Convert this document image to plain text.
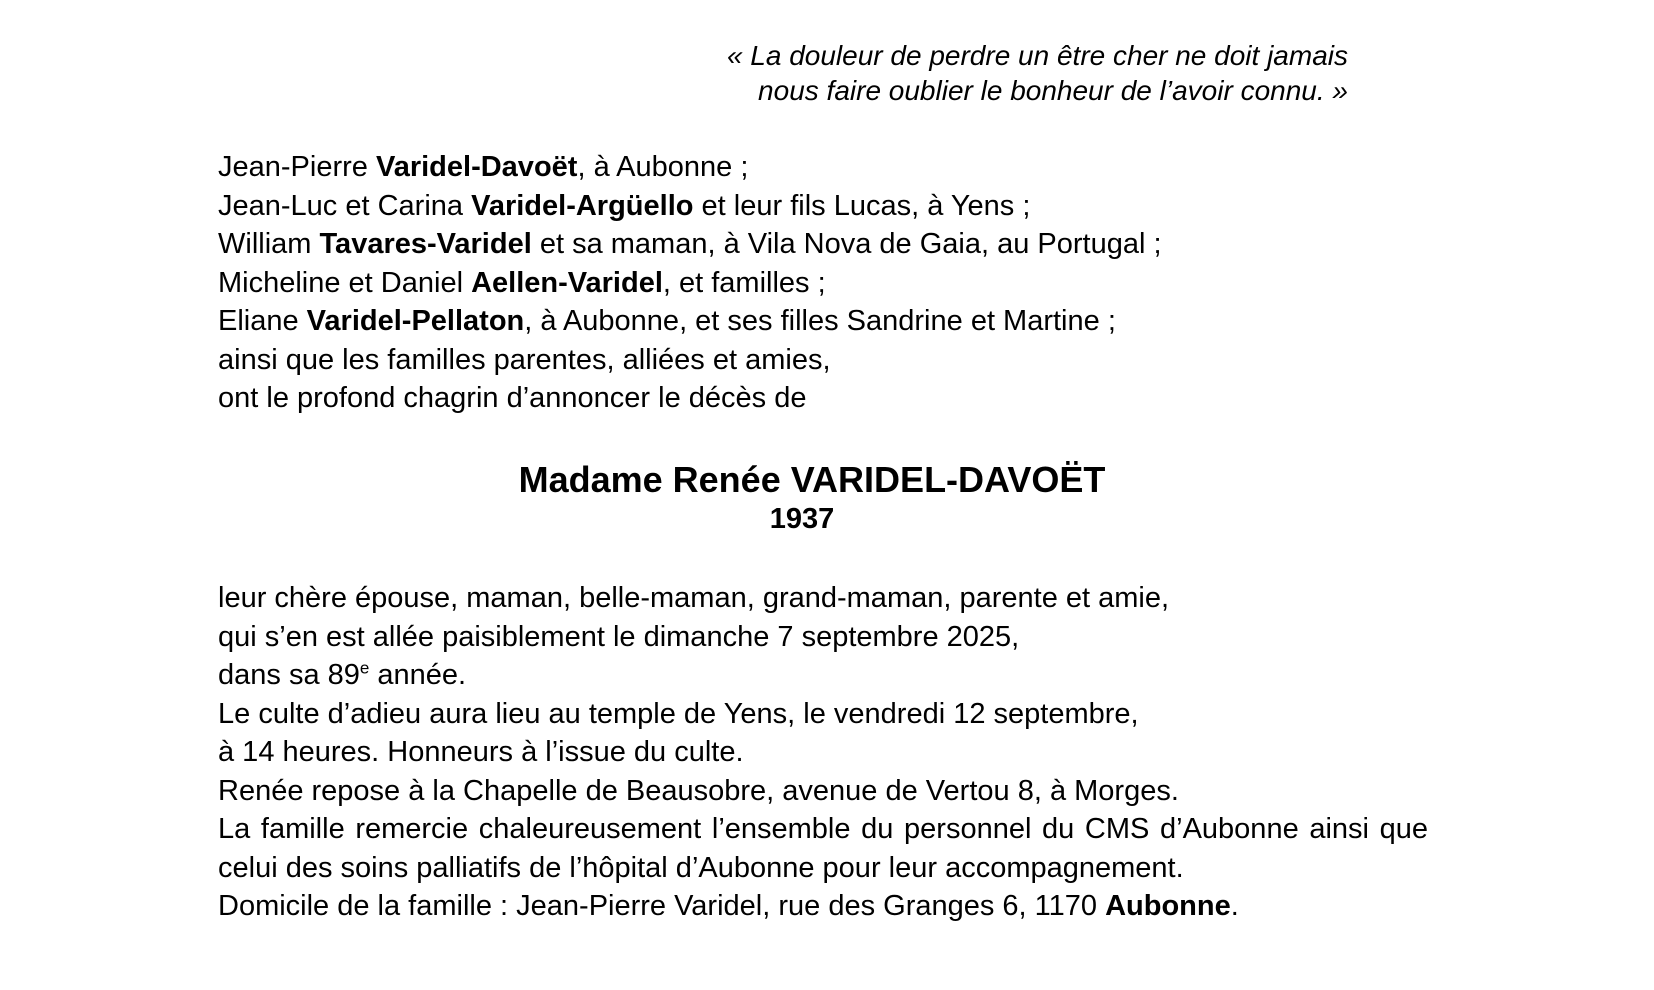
« La douleur de perdre un être cher ne doit jamais
nous faire oublier le bonheur de l’avoir connu. »
Jean-Pierre Varidel-Davoët, à Aubonne ;
Jean-Luc et Carina Varidel-Argüello et leur fils Lucas, à Yens ;
William Tavares-Varidel et sa maman, à Vila Nova de Gaia, au Portugal ;
Micheline et Daniel Aellen-Varidel, et familles ;
Eliane Varidel-Pellaton, à Aubonne, et ses filles Sandrine et Martine ;
ainsi que les familles parentes, alliées et amies,
ont le profond chagrin d’annoncer le décès de
Madame Renée VARIDEL-DAVOËT
1937
leur chère épouse, maman, belle-maman, grand-maman, parente et amie,
qui s’en est allée paisiblement le dimanche 7 septembre 2025,
dans sa 89e année.
Le culte d’adieu aura lieu au temple de Yens, le vendredi 12 septembre,
à 14 heures. Honneurs à l’issue du culte.
Renée repose à la Chapelle de Beausobre, avenue de Vertou 8, à Morges.
La famille remercie chaleureusement l’ensemble du personnel du CMS d’Aubonne ainsi que celui des soins palliatifs de l’hôpital d’Aubonne pour leur accompagnement.
Domicile de la famille : Jean-Pierre Varidel, rue des Granges 6, 1170 Aubonne.
